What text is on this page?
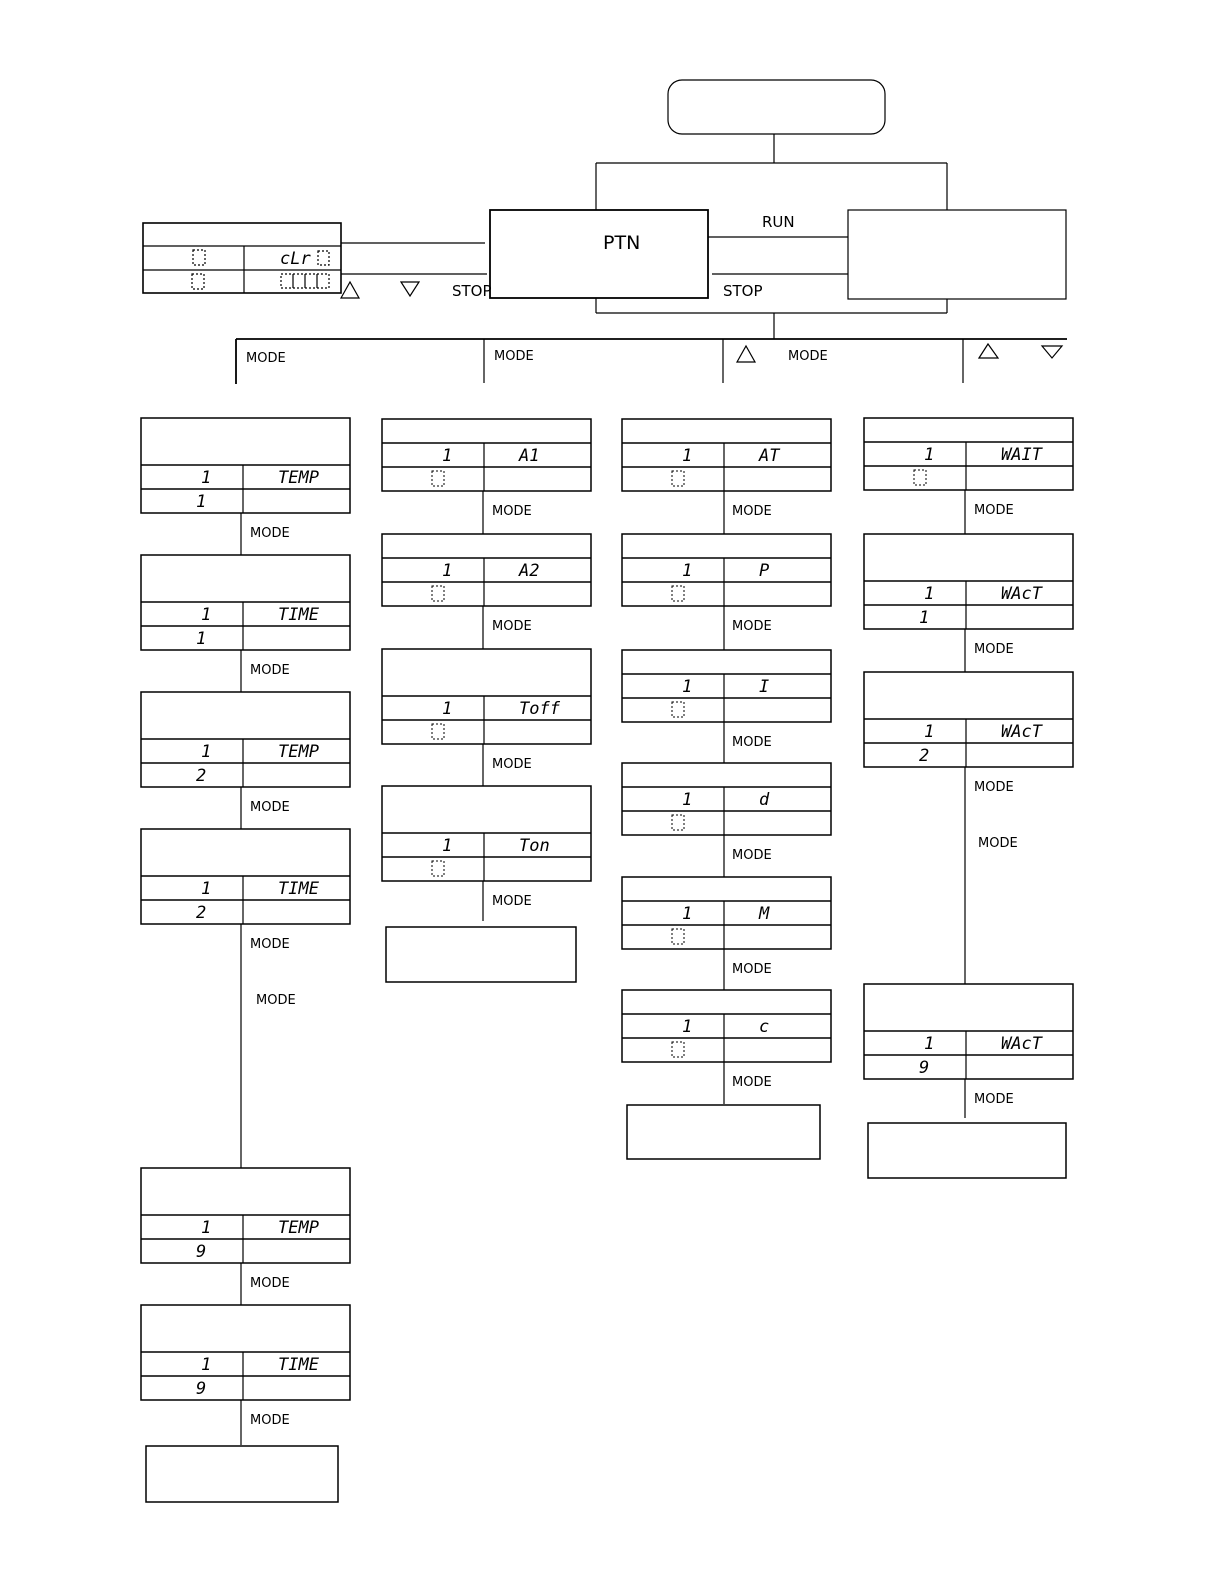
PTN
RUN
STOP	STOP
cLr
MODE	MODE	MODE
1	TEMP
1
MODE
1	TIME
1
MODE
1	TEMP
2
MODE
1	TIME
2
MODE
MODE
1	TEMP
9
MODE
1	TIME
9
MODE
1	A1
MODE
1	A2
MODE
1	Toff
MODE
1	Ton
MODE
1	AT
MODE
1	P
MODE
1	I
MODE
1	d
MODE
1	M
MODE
1	c
MODE
1	WAIT
MODE
1	WAcT
1
MODE
1	WAcT
2
MODE
MODE
1	WAcT
9
MODE
